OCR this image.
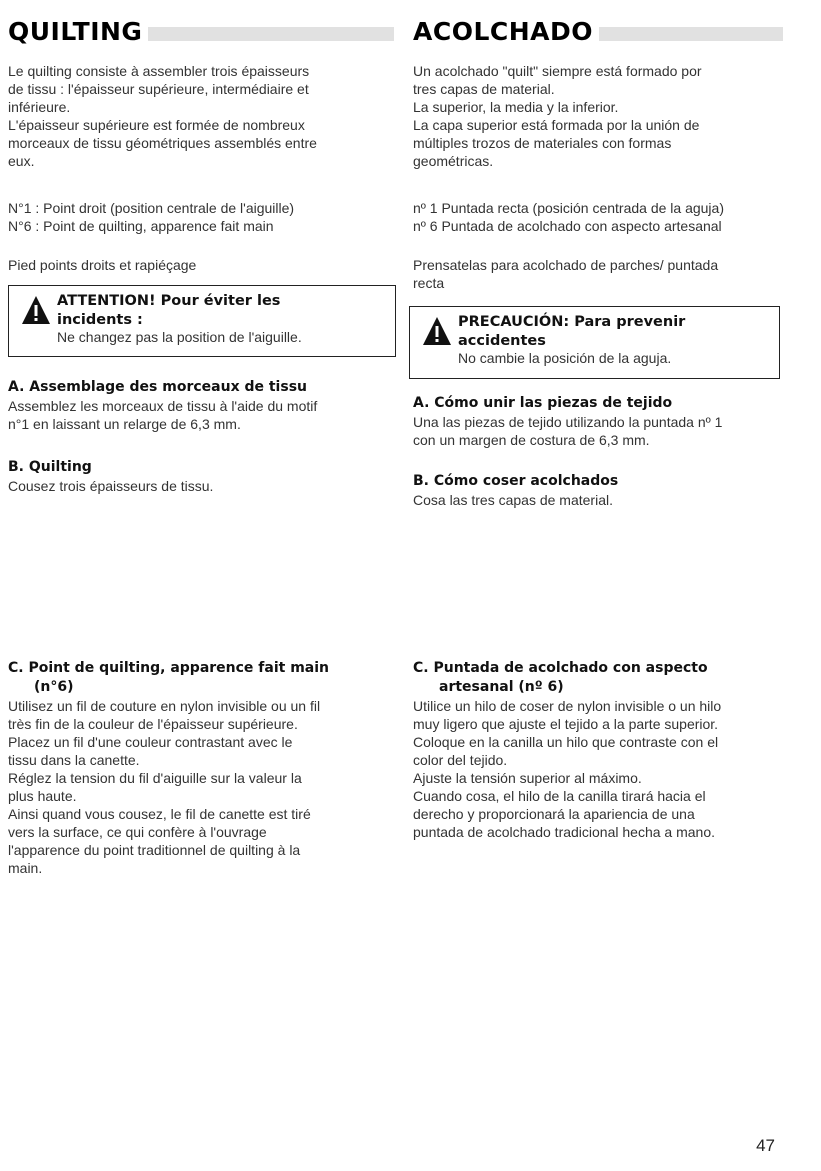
QUILTING

Le quilting consiste à assembler trois épaisseurs

de tissu : l'épaisseur supérieure, intermédiaire et

inférieure.

L'épaisseur supérieure est formée de nombreux

morceaux de tissu géométriques assemblés entre

eux.

N°1 : Point droit (position centrale de l'aiguille)

N°6 : Point de quilting, apparence fait main

Pied points droits et rapiéçage

ATTENTION! Pour éviter les
incidents :
Ne changez pas la position de l'aiguille.

A. Assemblage des morceaux de tissu

Assemblez les morceaux de tissu à l'aide du motif

n°1 en laissant un relarge de 6,3 mm.

B. Quilting

Cousez trois épaisseurs de tissu.

C. Point de quilting, apparence fait main

(n°6)

Utilisez un fil de couture en nylon invisible ou un fil

très fin de la couleur de l'épaisseur supérieure.

Placez un fil d'une couleur contrastant avec le

tissu dans la canette.

Réglez la tension du fil d'aiguille sur la valeur la

plus haute.

Ainsi quand vous cousez, le fil de canette est tiré

vers la surface, ce qui confère à l'ouvrage

l'apparence du point traditionnel de quilting à la

main.

ACOLCHADO

Un acolchado "quilt" siempre está formado por

tres capas de material.

La superior, la media y la inferior.

La capa superior está formada por la unión de

múltiples trozos de materiales con formas

geométricas.

nº 1 Puntada recta (posición centrada de la aguja)

nº 6 Puntada de acolchado con aspecto artesanal

Prensatelas para acolchado de parches/ puntada

recta

PRECAUCIÓN: Para prevenir
accidentes
No cambie la posición de la aguja.

A. Cómo unir las piezas de tejido

Una las piezas de tejido utilizando la puntada nº 1

con un margen de costura de 6,3 mm.

B. Cómo coser acolchados

Cosa las tres capas de material.

C. Puntada de acolchado con aspecto

artesanal (nº 6)

Utilice un hilo de coser de nylon invisible o un hilo

muy ligero que ajuste el tejido a la parte superior.

Coloque en la canilla un hilo que contraste con el

color del tejido.

Ajuste la tensión superior al máximo.

Cuando cosa, el hilo de la canilla tirará hacia el

derecho y proporcionará la apariencia de una

puntada de acolchado tradicional hecha a mano.

47
